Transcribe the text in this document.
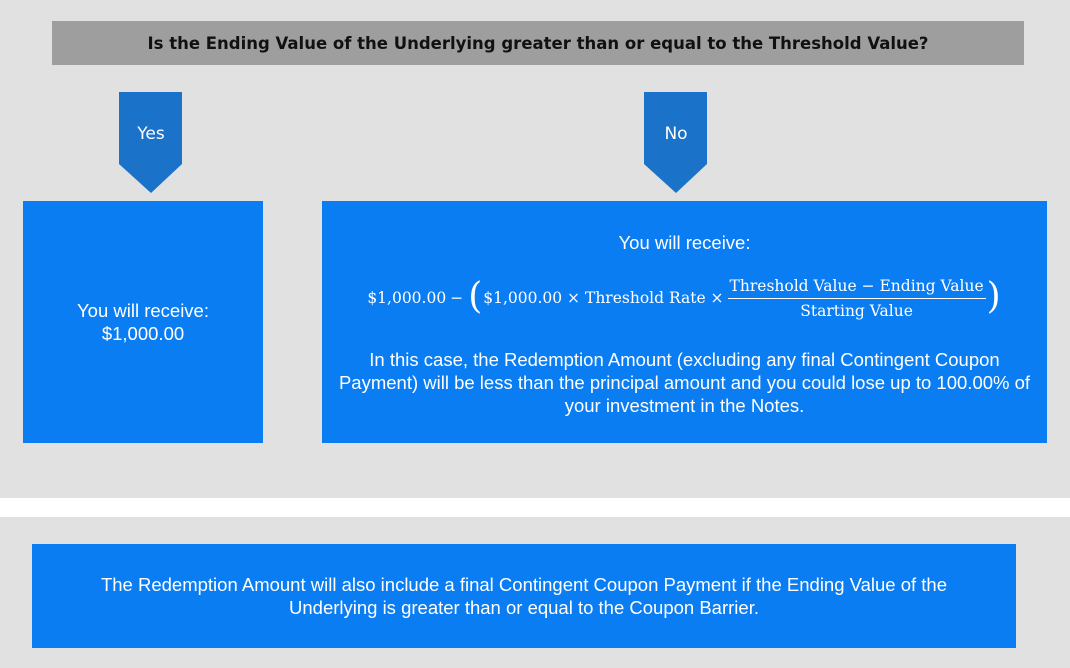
Is the Ending Value of the Underlying greater than or equal to the Threshold Value?
Yes	No
You will receive:
$1,000.00
You will receive:
$1,000.00 − ( $1,000.00 × Threshold Rate × $\frac{\text{Threshold Value − Ending Value}}{\text{Starting Value}}$ )
In this case, the Redemption Amount (excluding any final Contingent Coupon Payment) will be less than the principal amount and you could lose up to 100.00% of your investment in the Notes.
The Redemption Amount will also include a final Contingent Coupon Payment if the Ending Value of the Underlying is greater than or equal to the Coupon Barrier.
